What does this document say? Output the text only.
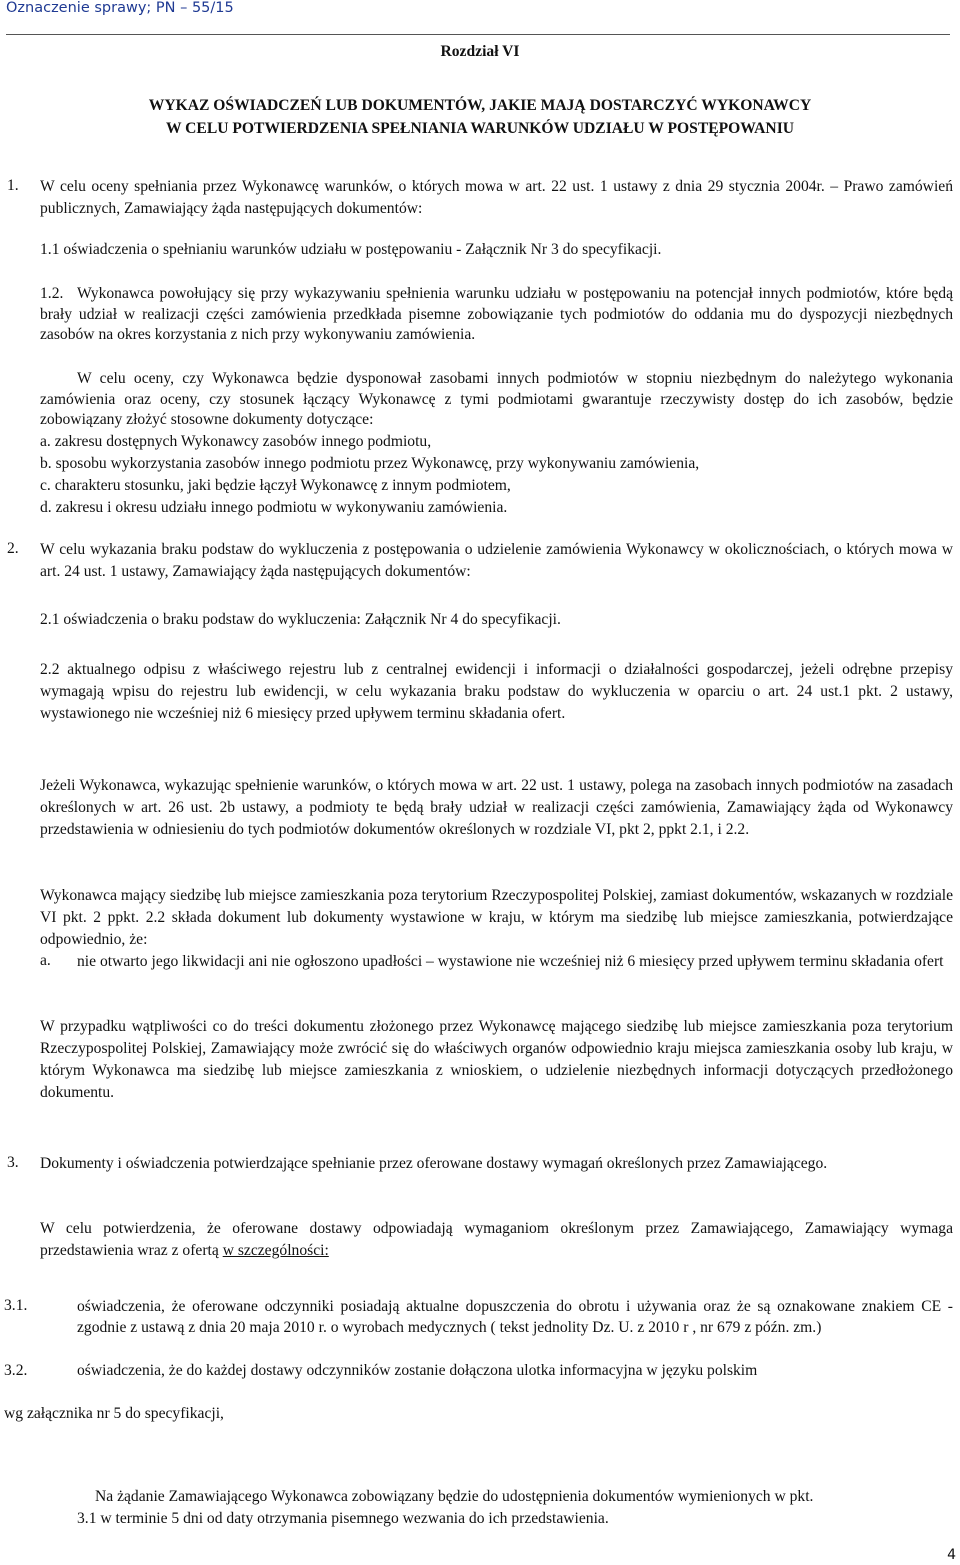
Oznaczenie sprawy; PN – 55/15

Rozdział VI

WYKAZ OŚWIADCZEŃ LUB DOKUMENTÓW, JAKIE MAJĄ DOSTARCZYĆ WYKONAWCY

W CELU POTWIERDZENIA SPEŁNIANIA WARUNKÓW UDZIAŁU W POSTĘPOWANIU

1. W celu oceny spełniania przez Wykonawcę warunków, o których mowa w art. 22 ust. 1 ustawy z dnia 29 stycznia 2004r. – Prawo zamówień publicznych, Zamawiający żąda następujących dokumentów:

1.1 oświadczenia o spełnianiu warunków udziału w postępowaniu - Załącznik Nr 3 do specyfikacji.

1.2. Wykonawca powołujący się przy wykazywaniu spełnienia warunku udziału w postępowaniu na potencjał innych podmiotów, które będą brały udział w realizacji części zamówienia przedkłada pisemne zobowiązanie tych podmiotów do oddania mu do dyspozycji niezbędnych zasobów na okres korzystania z nich przy wykonywaniu zamówienia.

W celu oceny, czy Wykonawca będzie dysponował zasobami innych podmiotów w stopniu niezbędnym do należytego wykonania zamówienia oraz oceny, czy stosunek łączący Wykonawcę z tymi podmiotami gwarantuje rzeczywisty dostęp do ich zasobów, będzie zobowiązany złożyć stosowne dokumenty dotyczące:

a. zakresu dostępnych Wykonawcy zasobów innego podmiotu,

b. sposobu wykorzystania zasobów innego podmiotu przez Wykonawcę, przy wykonywaniu zamówienia,

c. charakteru stosunku, jaki będzie łączył Wykonawcę z innym podmiotem,

d. zakresu i okresu udziału innego podmiotu w wykonywaniu zamówienia.

2. W celu wykazania braku podstaw do wykluczenia z postępowania o udzielenie zamówienia Wykonawcy w okolicznościach, o których mowa w art. 24 ust. 1 ustawy, Zamawiający żąda następujących dokumentów:

2.1 oświadczenia o braku podstaw do wykluczenia: Załącznik Nr 4 do specyfikacji.

2.2 aktualnego odpisu z właściwego rejestru lub z centralnej ewidencji i informacji o działalności gospodarczej, jeżeli odrębne przepisy wymagają wpisu do rejestru lub ewidencji, w celu wykazania braku podstaw do wykluczenia w oparciu o art. 24 ust.1 pkt. 2 ustawy, wystawionego nie wcześniej niż 6 miesięcy przed upływem terminu składania ofert.

Jeżeli Wykonawca, wykazując spełnienie warunków, o których mowa w art. 22 ust. 1 ustawy, polega na zasobach innych podmiotów na zasadach określonych w art. 26 ust. 2b ustawy, a podmioty te będą brały udział w realizacji części zamówienia, Zamawiający żąda od Wykonawcy przedstawienia w odniesieniu do tych podmiotów dokumentów określonych w rozdziale VI, pkt 2, ppkt 2.1, i 2.2.

Wykonawca mający siedzibę lub miejsce zamieszkania poza terytorium Rzeczypospolitej Polskiej, zamiast dokumentów, wskazanych w rozdziale VI pkt. 2 ppkt. 2.2 składa dokument lub dokumenty wystawione w kraju, w którym ma siedzibę lub miejsce zamieszkania, potwierdzające odpowiednio, że:

a. nie otwarto jego likwidacji ani nie ogłoszono upadłości – wystawione nie wcześniej niż 6 miesięcy przed upływem terminu składania ofert

W przypadku wątpliwości co do treści dokumentu złożonego przez Wykonawcę mającego siedzibę lub miejsce zamieszkania poza terytorium Rzeczypospolitej Polskiej, Zamawiający może zwrócić się do właściwych organów odpowiednio kraju miejsca zamieszkania osoby lub kraju, w którym Wykonawca ma siedzibę lub miejsce zamieszkania z wnioskiem, o udzielenie niezbędnych informacji dotyczących przedłożonego dokumentu.

3. Dokumenty i oświadczenia potwierdzające spełnianie przez oferowane dostawy wymagań określonych przez Zamawiającego.

W celu potwierdzenia, że oferowane dostawy odpowiadają wymaganiom określonym przez Zamawiającego, Zamawiający wymaga przedstawienia wraz z ofertą w szczególności:

3.1.	oświadczenia, że oferowane odczynniki posiadają aktualne dopuszczenia do obrotu i używania oraz że są oznakowane znakiem CE - zgodnie z ustawą z dnia 20 maja 2010 r. o wyrobach medycznych ( tekst jednolity Dz. U. z 2010 r , nr 679 z późn. zm.)

3.2.	oświadczenia, że do każdej dostawy odczynników zostanie dołączona ulotka informacyjna w języku polskim

wg załącznika nr 5 do specyfikacji,

Na żądanie Zamawiającego Wykonawca zobowiązany będzie do udostępnienia dokumentów wymienionych w pkt.

3.1 w terminie 5 dni od daty otrzymania pisemnego wezwania do ich przedstawienia.

4
